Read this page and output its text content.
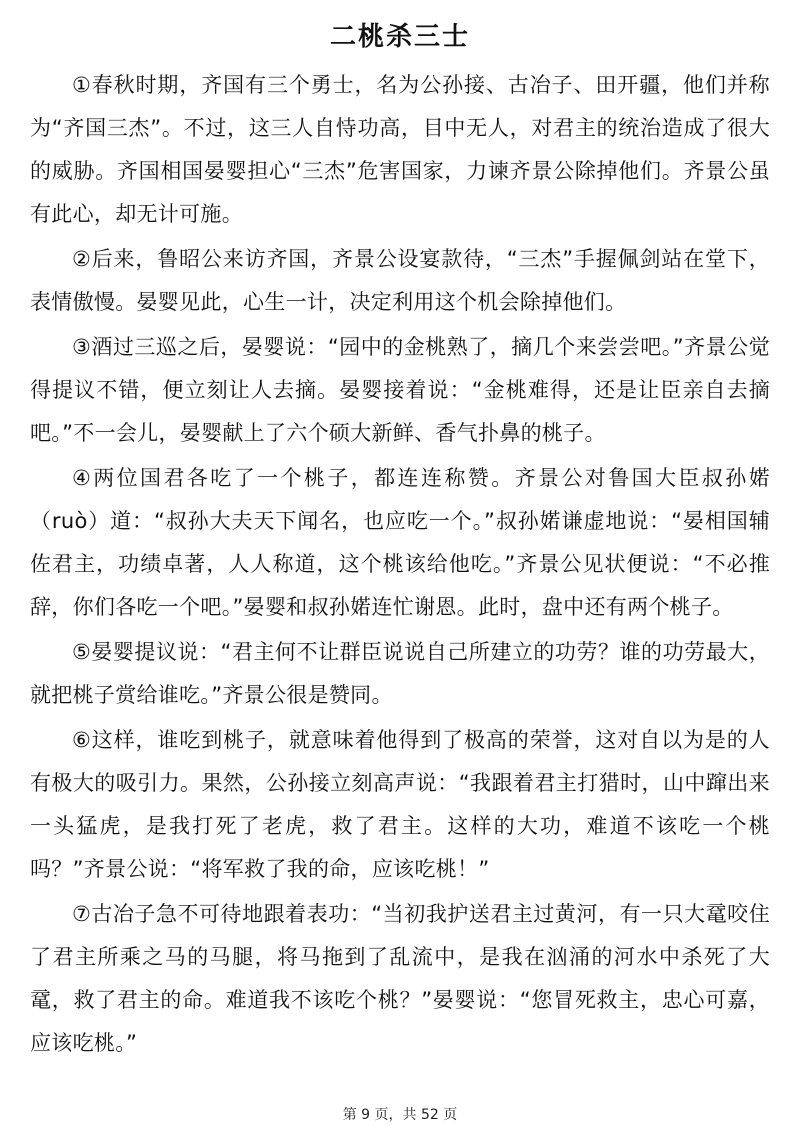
二桃杀三士

①春秋时期，齐国有三个勇士，名为公孙接、古冶子、田开疆，他们并称为“齐国三杰”。不过，这三人自恃功高，目中无人，对君主的统治造成了很大的威胁。齐国相国晏婴担心“三杰”危害国家，力谏齐景公除掉他们。齐景公虽有此心，却无计可施。

②后来，鲁昭公来访齐国，齐景公设宴款待，“三杰”手握佩剑站在堂下，表情傲慢。晏婴见此，心生一计，决定利用这个机会除掉他们。

③酒过三巡之后，晏婴说：“园中的金桃熟了，摘几个来尝尝吧。”齐景公觉得提议不错，便立刻让人去摘。晏婴接着说：“金桃难得，还是让臣亲自去摘吧。”不一会儿，晏婴献上了六个硕大新鲜、香气扑鼻的桃子。

④两位国君各吃了一个桃子，都连连称赞。齐景公对鲁国大臣叔孙婼（ruò）道：“叔孙大夫天下闻名，也应吃一个。”叔孙婼谦虚地说：“晏相国辅佐君主，功绩卓著，人人称道，这个桃该给他吃。”齐景公见状便说：“不必推辞，你们各吃一个吧。”晏婴和叔孙婼连忙谢恩。此时，盘中还有两个桃子。

⑤晏婴提议说：“君主何不让群臣说说自己所建立的功劳？谁的功劳最大，就把桃子赏给谁吃。”齐景公很是赞同。

⑥这样，谁吃到桃子，就意味着他得到了极高的荣誉，这对自以为是的人有极大的吸引力。果然，公孙接立刻高声说：“我跟着君主打猎时，山中蹿出来一头猛虎，是我打死了老虎，救了君主。这样的大功，难道不该吃一个桃吗？”齐景公说：“将军救了我的命，应该吃桃！”

⑦古冶子急不可待地跟着表功：“当初我护送君主过黄河，有一只大鼋咬住了君主所乘之马的马腿，将马拖到了乱流中，是我在汹涌的河水中杀死了大鼋，救了君主的命。难道我不该吃个桃？”晏婴说：“您冒死救主，忠心可嘉，应该吃桃。”

第 9 页，共 52 页
